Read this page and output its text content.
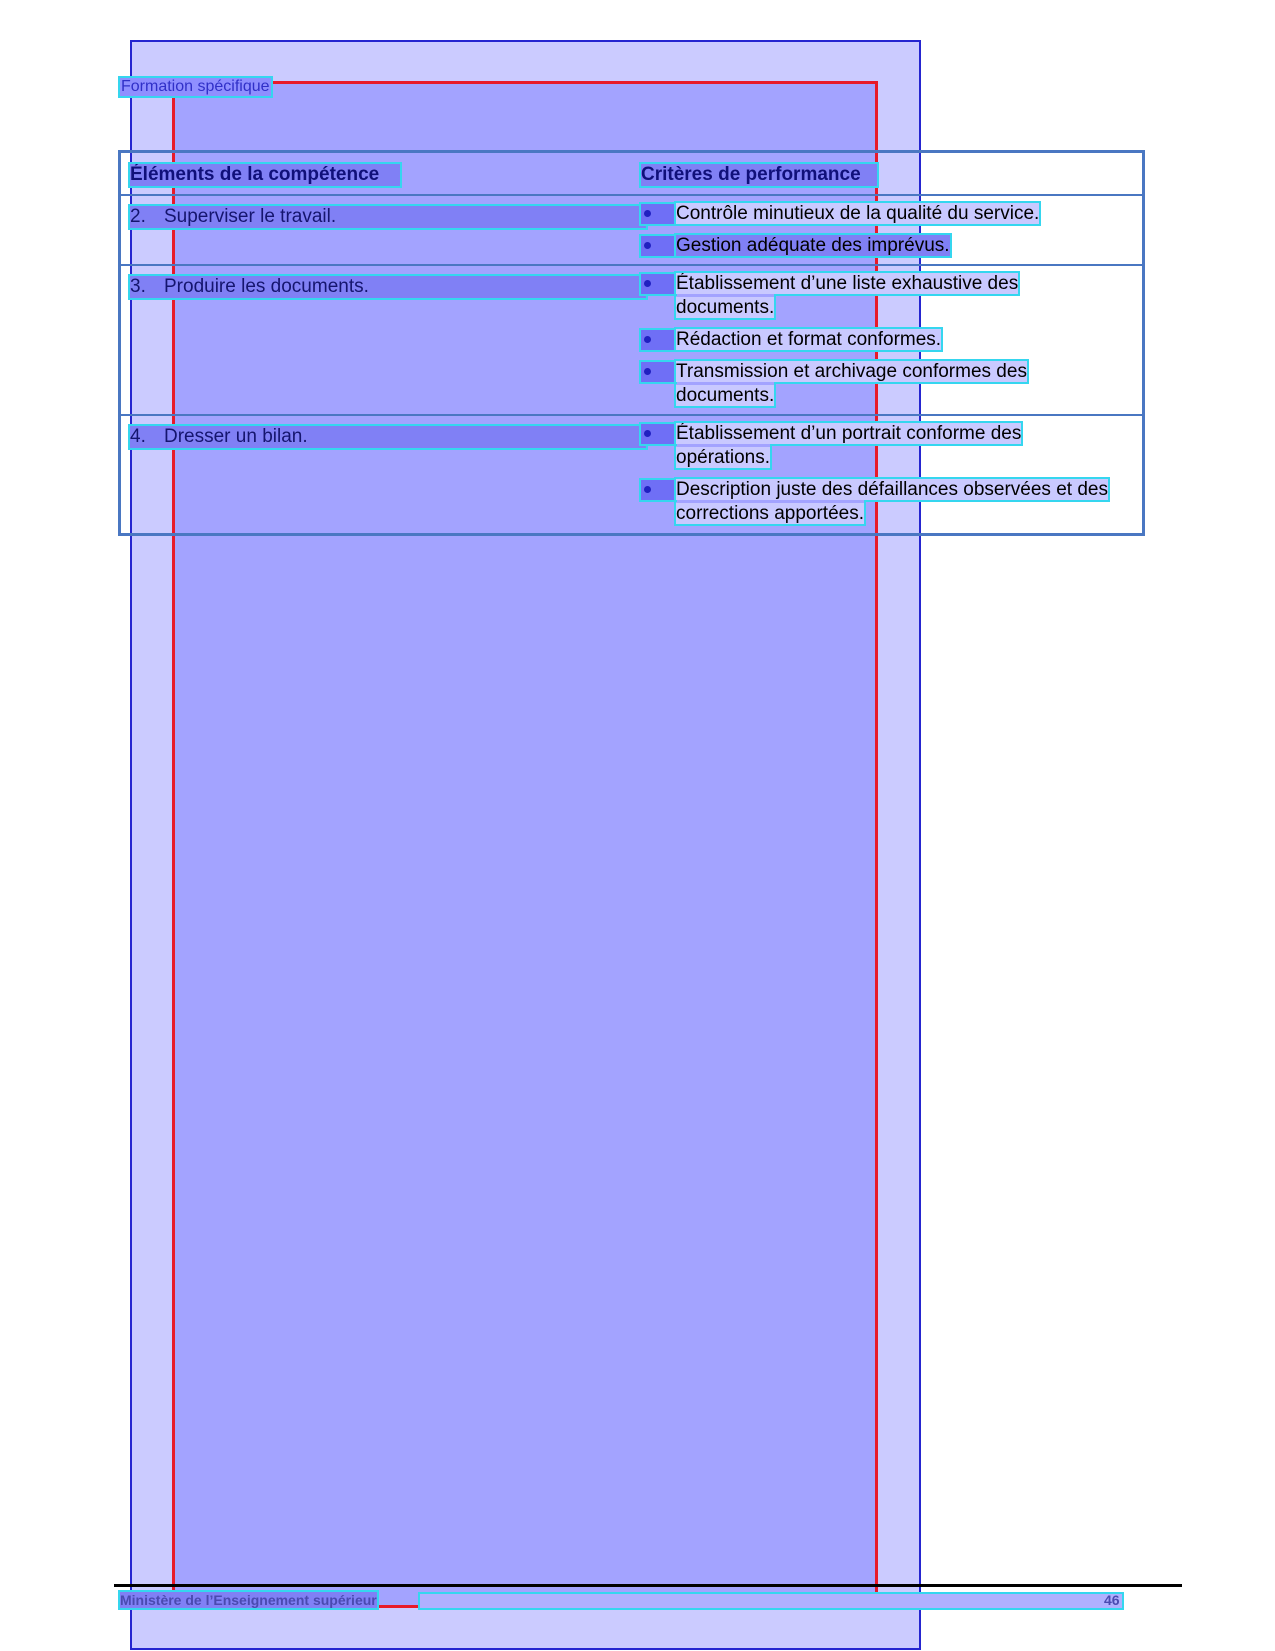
Formation spécifique
Éléments de la compétence	Critères de performance
2. Superviser le travail.	Contrôle minutieux de la qualité du service.
Gestion adéquate des imprévus.
3. Produire les documents.	Établissement d’une liste exhaustive des documents.
Rédaction et format conformes.
Transmission et archivage conformes des documents.
4. Dresser un bilan.	Établissement d’un portrait conforme des opérations.
Description juste des défaillances observées et des corrections apportées.
Ministère de l’Enseignement supérieur	46
